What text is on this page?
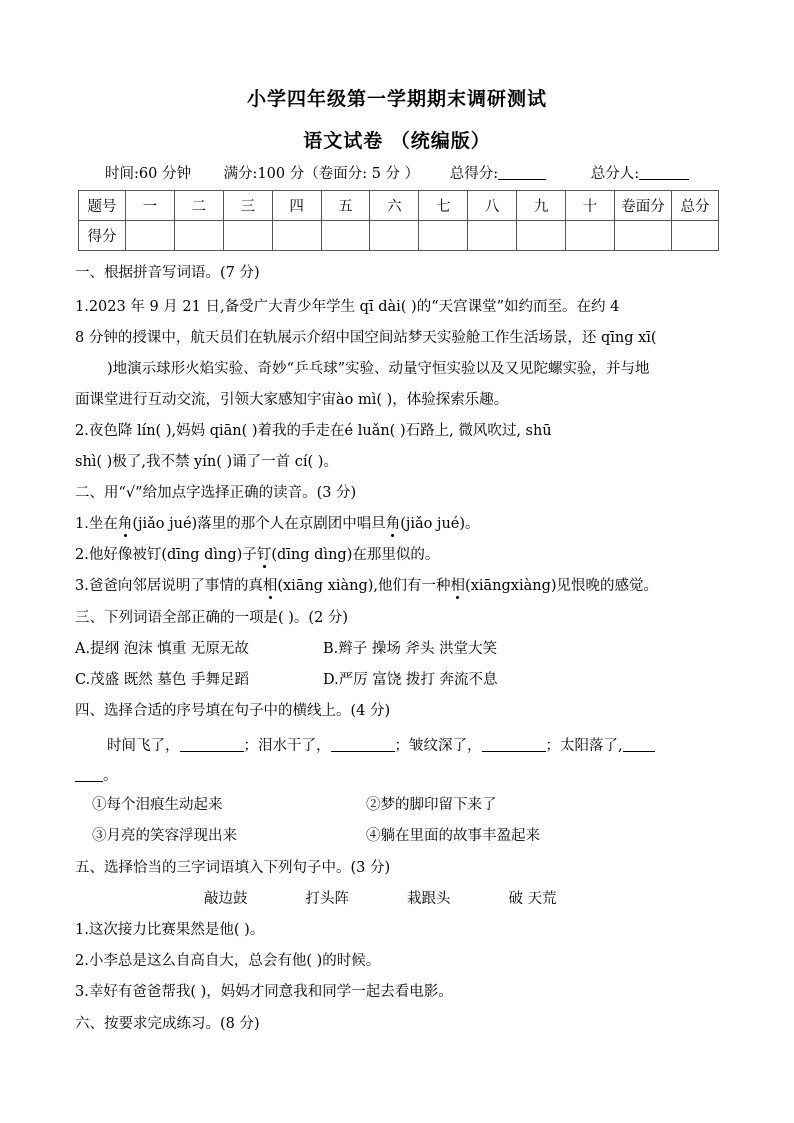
小学四年级第一学期期末调研测试
语文试卷 （统编版）
时间:60 分钟 满分:100 分（卷面分: 5 分 ） 总得分:	总分人:
题号	一	二	三	四	五	六	七	八	九	十	卷面分	总分
得分												
一、根据拼音写词语。(7 分)
1.2023 年 9 月 21 日,备受广大青少年学生 qī dài( )的“天宫课堂”如约而至。在约 4
8 分钟的授课中，航天员们在轨展示介绍中国空间站梦天实验舱工作生活场景，还 qīng xī(
)地演示球形火焰实验、奇妙“乒乓球”实验、动量守恒实验以及又见陀螺实验，并与地
面课堂进行互动交流，引领大家感知宇宙ào mì( )，体验探索乐趣。
2.夜色降 lín( ),妈妈 qiān( )着我的手走在é luǎn( )石路上, 微风吹过, shū
shì( )极了,我不禁 yín( )诵了一首 cí( )。
二、用“√”给加点字选择正确的读音。(3 分)
1.坐在角(jiǎo jué)落里的那个人在京剧团中唱旦角(jiǎo jué)。
2.他好像被钉(dīng dìng)子钉(dīng dìng)在那里似的。
3.爸爸向邻居说明了事情的真相(xiāng xiàng),他们有一种相(xiāngxiàng)见恨晚的感觉。
三、下列词语全部正确的一项是( )。(2 分)
A.提纲 泡沫 慎重 无原无故	B.辫子 操场 斧头 洪堂大笑
C.茂盛 既然 墓色 手舞足蹈	D.严厉 富饶 拨打 奔流不息
四、选择合适的序号填在句子中的横线上。(4 分)
时间飞了，	；泪水干了，	；皱纹深了，	；太阳落了,
。
①每个泪痕生动起来	②梦的脚印留下来了
③月亮的笑容浮现出来	④躺在里面的故事丰盈起来
五、选择恰当的三字词语填入下列句子中。(3 分)
敲边鼓	打头阵	栽跟头	破 天荒
1.这次接力比赛果然是他( )。
2.小李总是这么自高自大，总会有他( )的时候。
3.幸好有爸爸帮我( )，妈妈才同意我和同学一起去看电影。
六、按要求完成练习。(8 分)
